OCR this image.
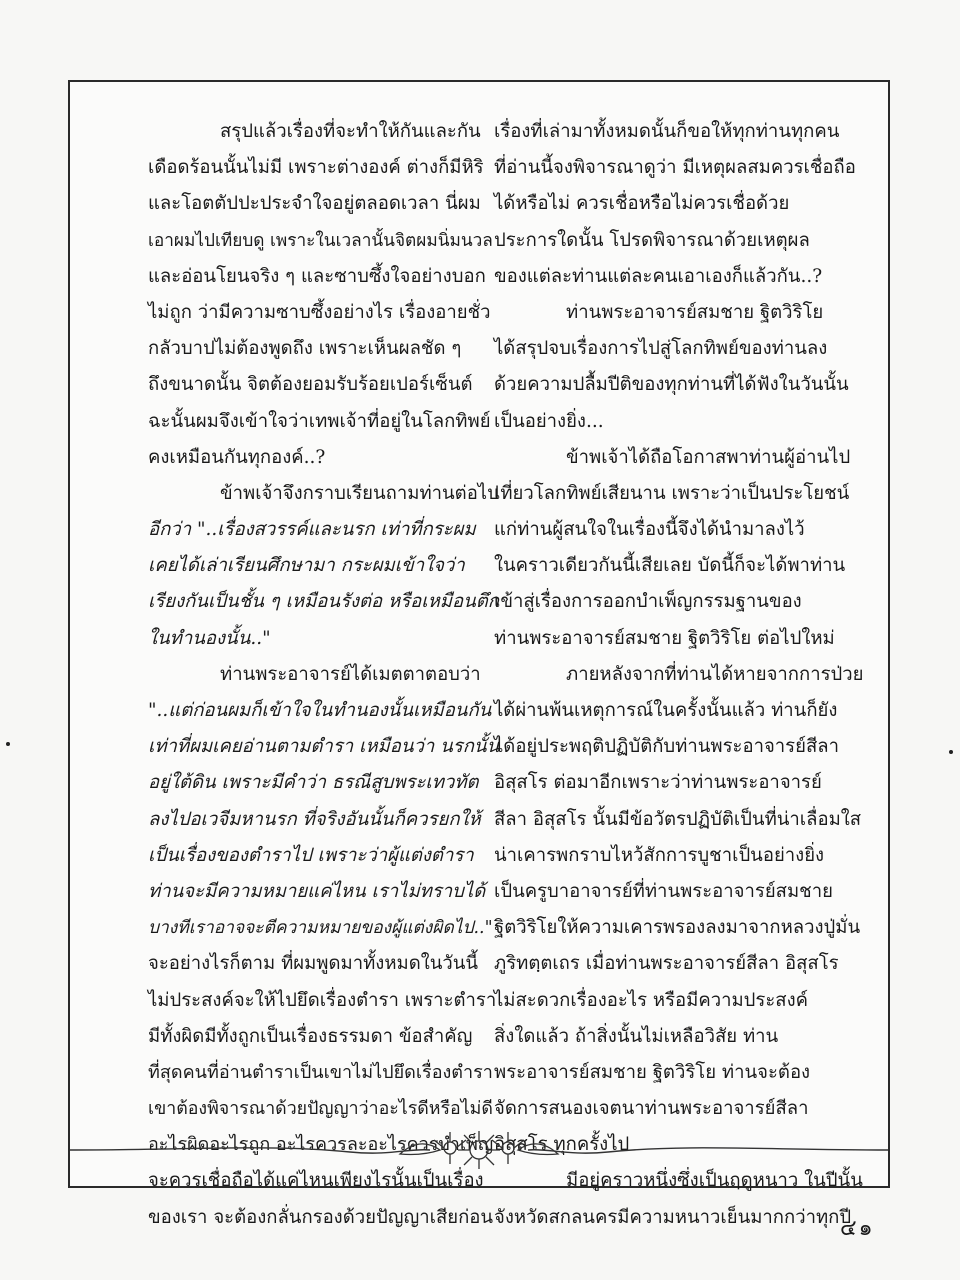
สรุปแล้วเรื่องที่จะทำให้กันและกัน
เดือดร้อนนั้นไม่มี เพราะต่างองค์ ต่างก็มีหิริ
และโอตตัปปะประจำใจอยู่ตลอดเวลา นี่ผม
เอาผมไปเทียบดู เพราะในเวลานั้นจิตผมนิ่มนวล
และอ่อนโยนจริง ๆ และซาบซึ้งใจอย่างบอก
ไม่ถูก ว่ามีความซาบซึ้งอย่างไร เรื่องอายชั่ว
กลัวบาปไม่ต้องพูดถึง เพราะเห็นผลชัด ๆ
ถึงขนาดนั้น จิตต้องยอมรับร้อยเปอร์เซ็นต์
ฉะนั้นผมจึงเข้าใจว่าเทพเจ้าที่อยู่ในโลกทิพย์
คงเหมือนกันทุกองค์..?
ข้าพเจ้าจึงกราบเรียนถามท่านต่อไป
อีกว่า "..เรื่องสวรรค์และนรก เท่าที่กระผม
เคยได้เล่าเรียนศึกษามา กระผมเข้าใจว่า
เรียงกันเป็นชั้น ๆ เหมือนรังต่อ หรือเหมือนตึก
ในทำนองนั้น.."
ท่านพระอาจารย์ได้เมตตาตอบว่า
"..แต่ก่อนผมก็เข้าใจในทำนองนั้นเหมือนกัน
เท่าที่ผมเคยอ่านตามตำรา เหมือนว่า นรกนั้น
อยู่ใต้ดิน เพราะมีคำว่า ธรณีสูบพระเทวทัต
ลงไปอเวจีมหานรก ที่จริงอันนั้นก็ควรยกให้
เป็นเรื่องของตำราไป เพราะว่าผู้แต่งตำรา
ท่านจะมีความหมายแค่ไหน เราไม่ทราบได้
บางทีเราอาจจะตีความหมายของผู้แต่งผิดไป.."
จะอย่างไรก็ตาม ที่ผมพูดมาทั้งหมดในวันนี้
ไม่ประสงค์จะให้ไปยึดเรื่องตำรา เพราะตำรา
มีทั้งผิดมีทั้งถูกเป็นเรื่องธรรมดา ข้อสำคัญ
ที่สุดคนที่อ่านตำราเป็นเขาไม่ไปยึดเรื่องตำรา
เขาต้องพิจารณาด้วยปัญญาว่าอะไรดีหรือไม่ดี
อะไรผิดอะไรถูก อะไรควรละอะไรควรบำเพ็ญ
จะควรเชื่อถือได้แค่ไหนเพียงไรนั้นเป็นเรื่อง
ของเรา จะต้องกลั่นกรองด้วยปัญญาเสียก่อน
เรื่องที่เล่ามาทั้งหมดนั้นก็ขอให้ทุกท่านทุกคน
ที่อ่านนี้จงพิจารณาดูว่า มีเหตุผลสมควรเชื่อถือ
ได้หรือไม่ ควรเชื่อหรือไม่ควรเชื่อด้วย
ประการใดนั้น โปรดพิจารณาด้วยเหตุผล
ของแต่ละท่านแต่ละคนเอาเองก็แล้วกัน..?
ท่านพระอาจารย์สมชาย ฐิตวิริโย
ได้สรุปจบเรื่องการไปสู่โลกทิพย์ของท่านลง
ด้วยความปลื้มปีติของทุกท่านที่ได้ฟังในวันนั้น
เป็นอย่างยิ่ง...
ข้าพเจ้าได้ถือโอกาสพาท่านผู้อ่านไป
เที่ยวโลกทิพย์เสียนาน เพราะว่าเป็นประโยชน์
แก่ท่านผู้สนใจในเรื่องนี้จึงได้นำมาลงไว้
ในคราวเดียวกันนี้เสียเลย บัดนี้ก็จะได้พาท่าน
เข้าสู่เรื่องการออกบำเพ็ญกรรมฐานของ
ท่านพระอาจารย์สมชาย ฐิตวิริโย ต่อไปใหม่
ภายหลังจากที่ท่านได้หายจากการป่วย
ได้ผ่านพ้นเหตุการณ์ในครั้งนั้นแล้ว ท่านก็ยัง
ได้อยู่ประพฤติปฏิบัติกับท่านพระอาจารย์สีลา
อิสุสโร ต่อมาอีกเพราะว่าท่านพระอาจารย์
สีลา อิสุสโร นั้นมีข้อวัตรปฏิบัติเป็นที่น่าเลื่อมใส
น่าเคารพกราบไหว้สักการบูชาเป็นอย่างยิ่ง
เป็นครูบาอาจารย์ที่ท่านพระอาจารย์สมชาย
ฐิตวิริโยให้ความเคารพรองลงมาจากหลวงปู่มั่น
ภูริทตฺตเถร เมื่อท่านพระอาจารย์สีลา อิสุสโร
ไม่สะดวกเรื่องอะไร หรือมีความประสงค์
สิ่งใดแล้ว ถ้าสิ่งนั้นไม่เหลือวิสัย ท่าน
พระอาจารย์สมชาย ฐิตวิริโย ท่านจะต้อง
จัดการสนองเจตนาท่านพระอาจารย์สีลา
อิสุสโร ทุกครั้งไป
มีอยู่คราวหนึ่งซึ่งเป็นฤดูหนาว ในปีนั้น
จังหวัดสกลนครมีความหนาวเย็นมากกว่าทุกปี
๔๑
